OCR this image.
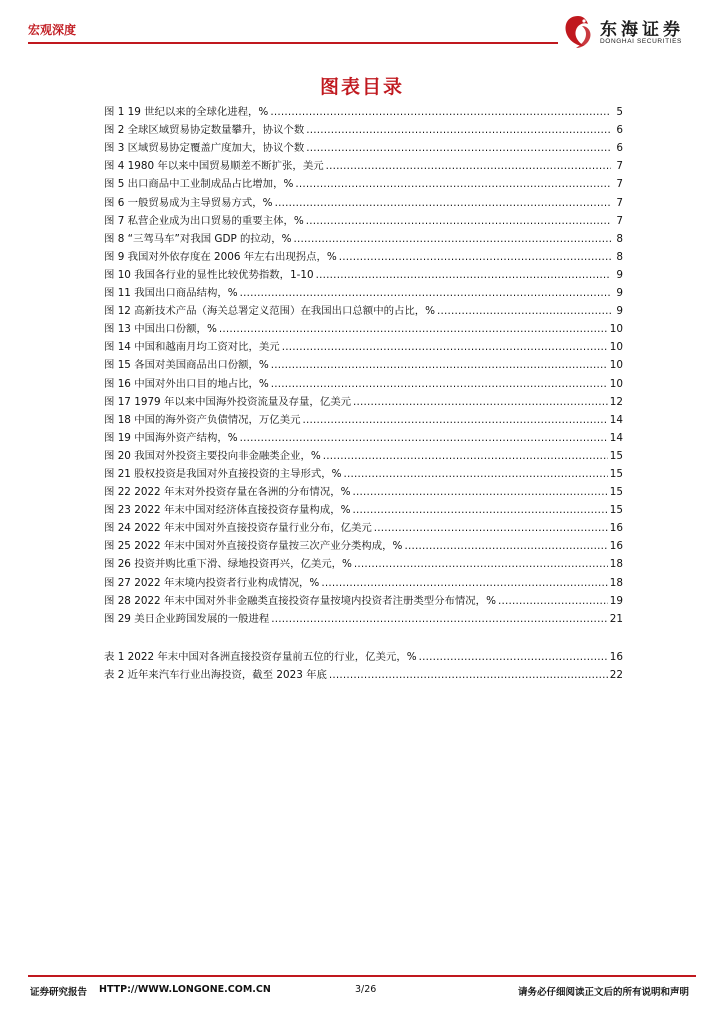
宏观深度	东海证券
DONGHAI SECURITIES
图表目录
图 1 19 世纪以来的全球化进程，% .....	5
图 2 全球区域贸易协定数量攀升，协议个数 .....	6
图 3 区域贸易协定覆盖广度加大，协议个数 .....	6
图 4 1980 年以来中国贸易顺差不断扩张，美元 .....	7
图 5 出口商品中工业制成品占比增加，% .....	7
图 6 一般贸易成为主导贸易方式，% .....	7
图 7 私营企业成为出口贸易的重要主体，% .....	7
图 8 “三驾马车”对我国 GDP 的拉动，% .....	8
图 9 我国对外依存度在 2006 年左右出现拐点，% .....	8
图 10 我国各行业的显性比较优势指数，1-10 .....	9
图 11 我国出口商品结构，% .....	9
图 12 高新技术产品（海关总署定义范围）在我国出口总额中的占比，% .....	9
图 13 中国出口份额，% .....	10
图 14 中国和越南月均工资对比，美元 .....	10
图 15 各国对美国商品出口份额，% .....	10
图 16 中国对外出口目的地占比，% .....	10
图 17 1979 年以来中国海外投资流量及存量，亿美元 .....	12
图 18 中国的海外资产负债情况，万亿美元 .....	14
图 19 中国海外资产结构，% .....	14
图 20 我国对外投资主要投向非金融类企业，% .....	15
图 21 股权投资是我国对外直接投资的主导形式，% .....	15
图 22 2022 年末对外投资存量在各洲的分布情况，% .....	15
图 23 2022 年末中国对经济体直接投资存量构成，% .....	15
图 24 2022 年末中国对外直接投资存量行业分布，亿美元 .....	16
图 25 2022 年末中国对外直接投资存量按三次产业分类构成，% .....	16
图 26 投资并购比重下滑、绿地投资再兴，亿美元，% .....	18
图 27 2022 年末境内投资者行业构成情况，% .....	18
图 28 2022 年末中国对外非金融类直接投资存量按境内投资者注册类型分布情况，% .....	19
图 29 美日企业跨国发展的一般进程 .....	21
表 1 2022 年末中国对各洲直接投资存量前五位的行业，亿美元，% .....	16
表 2 近年来汽车行业出海投资，截至 2023 年底 .....	22
证券研究报告 HTTP://WWW.LONGONE.COM.CN	3/26	请务必仔细阅读正文后的所有说明和声明
